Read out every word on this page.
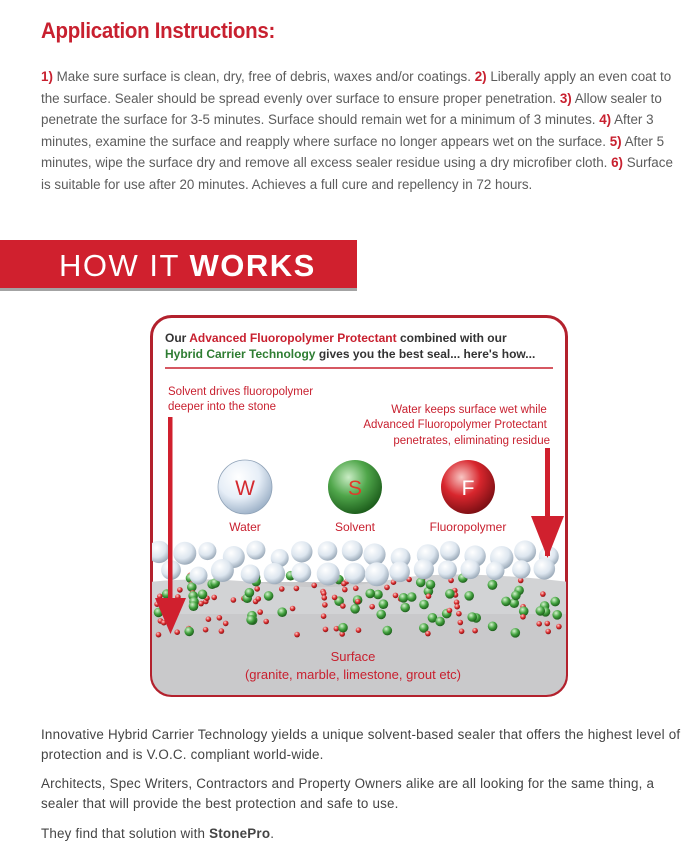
Application Instructions:

1) Make sure surface is clean, dry, free of debris, waxes and/or coatings. 2) Liberally apply an even coat to the surface. Sealer should be spread evenly over surface to ensure proper penetration. 3) Allow sealer to penetrate the surface for 3-5 minutes. Surface should remain wet for a minimum of 3 minutes. 4) After 3 minutes, examine the surface and reapply where surface no longer appears wet on the surface. 5) After 5 minutes, wipe the surface dry and remove all excess sealer residue using a dry microfiber cloth. 6) Surface is suitable for use after 20 minutes. Achieves a full cure and repellency in 72 hours.

HOW IT WORKS
Our Advanced Fluoropolymer Protectant combined with our
Hybrid Carrier Technology gives you the best seal... here's how...
Solvent drives fluoropolymer deeper into the stone	Water keeps surface wet while Advanced Fluoropolymer Protectant penetrates, eliminating residue
W
Water
S
Solvent
F
Fluoropolymer
Surface
(granite, marble, limestone, grout etc)

Innovative Hybrid Carrier Technology yields a unique solvent-based sealer that offers the highest level of protection and is V.O.C. compliant world-wide.

Architects, Spec Writers, Contractors and Property Owners alike are all looking for the same thing, a sealer that will provide the best protection and safe to use.

They find that solution with StonePro.
